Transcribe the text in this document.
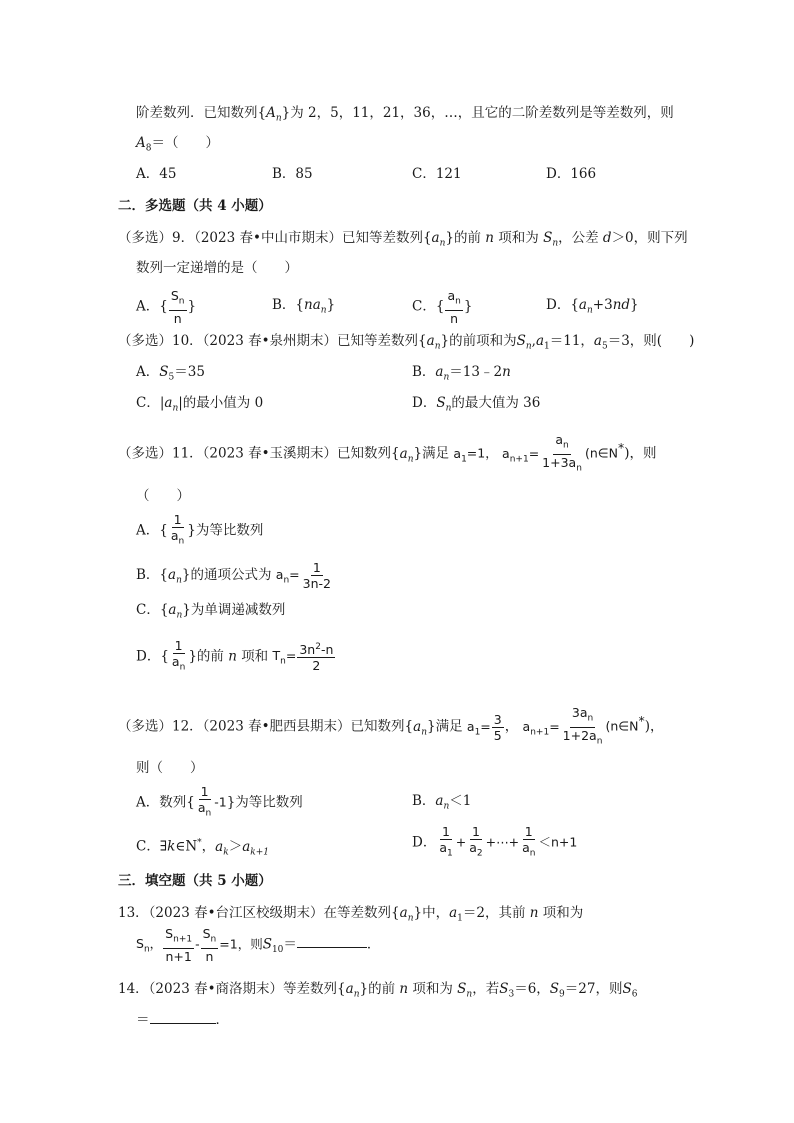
阶差数列．已知数列$\{A_n\}$为 2，5，11，21，36，…，且它的二阶差数列是等差数列，则
$A_8=$（　　）
A．45	B．85	C．121	D．166
二．多选题（共 4 小题）
（多选）9．（2023 春•中山市期末）已知等差数列$\{a_n\}$的前 n 项和为 $S_n$，公差 d＞0，则下列
数列一定递增的是（　　）
A．{ $\frac{S_n}{n}$ }	B．$\{na_n\}$	C．{ $\frac{a_n}{n}$ }	D．$\{a_n+3nd\}$
（多选）10．（2023 春•泉州期末）已知等差数列$\{a_n\}$的前项和为$S_n,a_1=11$，$a_5=3$，则(　　)
A．$S_5=35$	B．$a_n=13﹣2n$
C．$|a_n|$的最小值为 0	D．$S_n$的最大值为 36
（多选）11．（2023 春•玉溪期末）已知数列$\{a_n\}$满足 $a_1=1$， $a_{n+1}= \frac{a_n}{1+3a_n}$ (n∈N*)，则
（　　）
A．{ $\frac{1}{a_n}$ }为等比数列
B．$\{a_n\}$的通项公式为 $a_n= \frac{1}{3n-2}$
C．$\{a_n\}$为单调递减数列
D．{ $\frac{1}{a_n}$ }的前 n 项和 $T_n= \frac{3n^2-n}{2}$
（多选）12．（2023 春•肥西县期末）已知数列$\{a_n\}$满足 $a_1= \frac{3}{5}$ ， $a_{n+1}= \frac{3a_n}{1+2a_n}$ (n∈N*)，
则（　　）
A．数列{ $\frac{1}{a_n} -1$}为等比数列	B．$a_n<1$
C．∃k∈N*，$a_k>a_{k+1}$
D． $\frac{1}{a_1} + \frac{1}{a_2}$ +⋯+ $\frac{1}{a_n} <n+1$
三．填空题（共 5 小题）
13．（2023 春•台江区校级期末）在等差数列$\{a_n\}$中，$a_1=2$，其前 n 项和为
$S_n$， $\frac{S_{n+1}}{n+1} - \frac{S_n}{n} =1$，则$S_{10}=$	．
14．（2023 春•商洛期末）等差数列$\{a_n\}$的前 n 项和为 $S_n$，若$S_3=6$，$S_9=27$，则$S_6$
＝	．
